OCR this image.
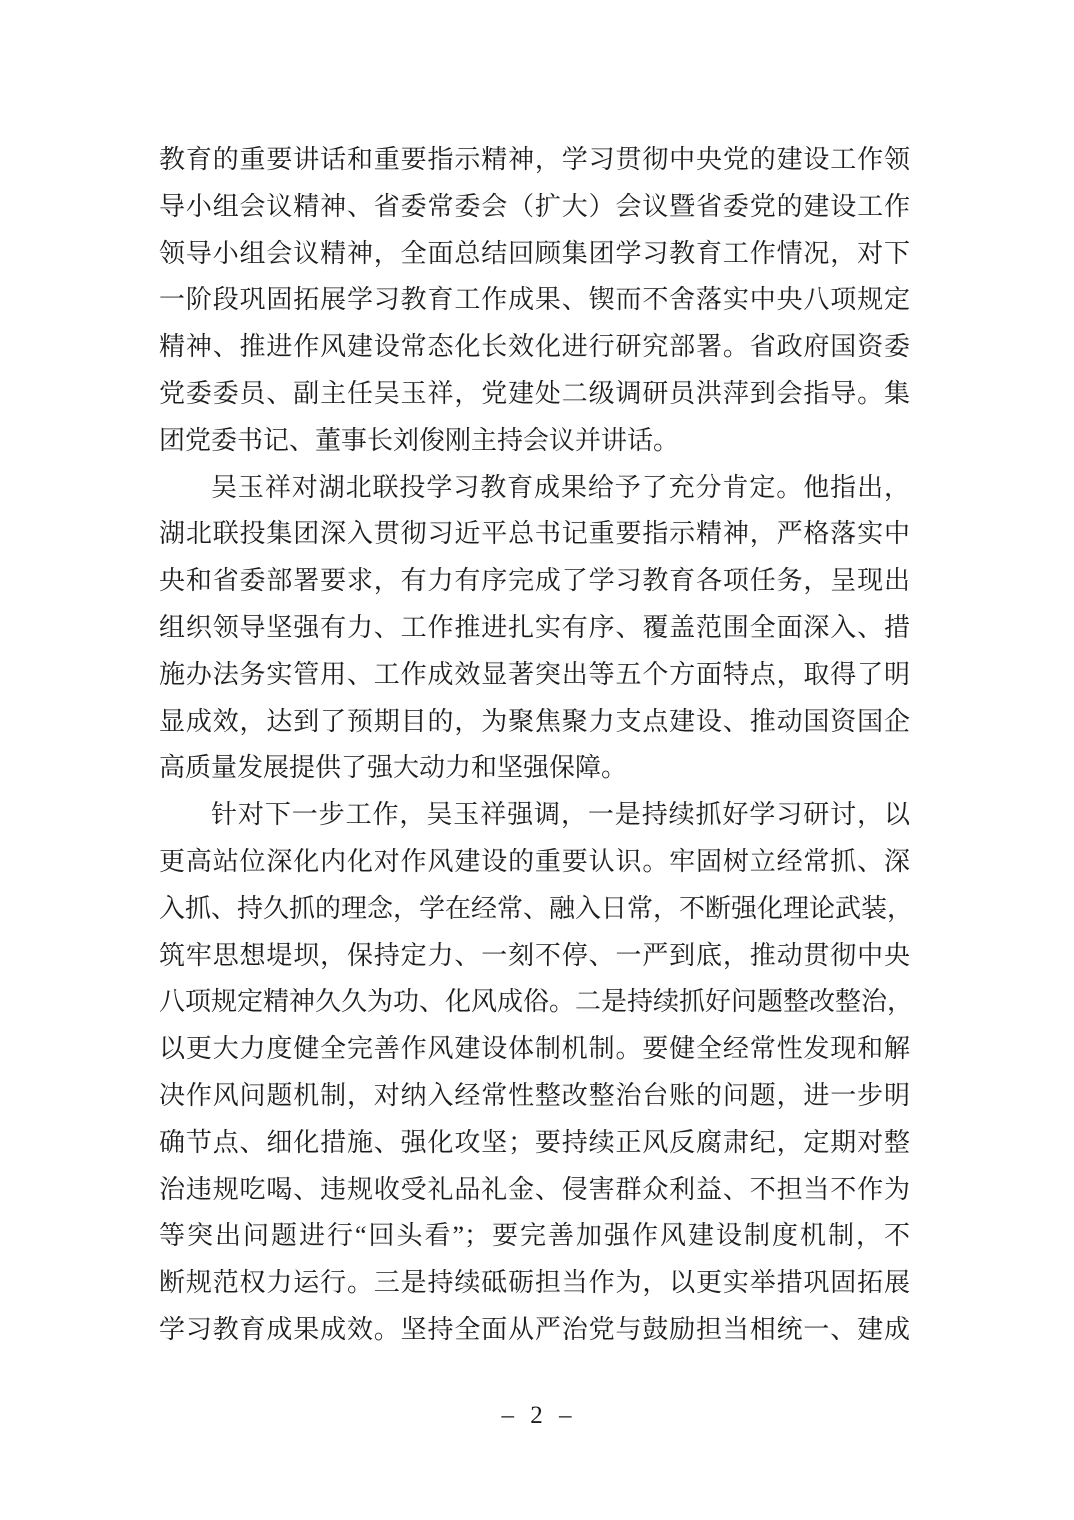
教育的重要讲话和重要指示精神，学习贯彻中央党的建设工作领
导小组会议精神、省委常委会（扩大）会议暨省委党的建设工作
领导小组会议精神，全面总结回顾集团学习教育工作情况，对下
一阶段巩固拓展学习教育工作成果、锲而不舍落实中央八项规定
精神、推进作风建设常态化长效化进行研究部署。省政府国资委
党委委员、副主任吴玉祥，党建处二级调研员洪萍到会指导。集
团党委书记、董事长刘俊刚主持会议并讲话。
吴玉祥对湖北联投学习教育成果给予了充分肯定。他指出，
湖北联投集团深入贯彻习近平总书记重要指示精神，严格落实中
央和省委部署要求，有力有序完成了学习教育各项任务，呈现出
组织领导坚强有力、工作推进扎实有序、覆盖范围全面深入、措
施办法务实管用、工作成效显著突出等五个方面特点，取得了明
显成效，达到了预期目的，为聚焦聚力支点建设、推动国资国企
高质量发展提供了强大动力和坚强保障。
针对下一步工作，吴玉祥强调，一是持续抓好学习研讨，以
更高站位深化内化对作风建设的重要认识。牢固树立经常抓、深
入抓、持久抓的理念，学在经常、融入日常，不断强化理论武装，
筑牢思想堤坝，保持定力、一刻不停、一严到底，推动贯彻中央
八项规定精神久久为功、化风成俗。二是持续抓好问题整改整治，
以更大力度健全完善作风建设体制机制。要健全经常性发现和解
决作风问题机制，对纳入经常性整改整治台账的问题，进一步明
确节点、细化措施、强化攻坚；要持续正风反腐肃纪，定期对整
治违规吃喝、违规收受礼品礼金、侵害群众利益、不担当不作为
等突出问题进行“回头看”；要完善加强作风建设制度机制，不
断规范权力运行。三是持续砥砺担当作为，以更实举措巩固拓展
学习教育成果成效。坚持全面从严治党与鼓励担当相统一、建成
– 2 –
